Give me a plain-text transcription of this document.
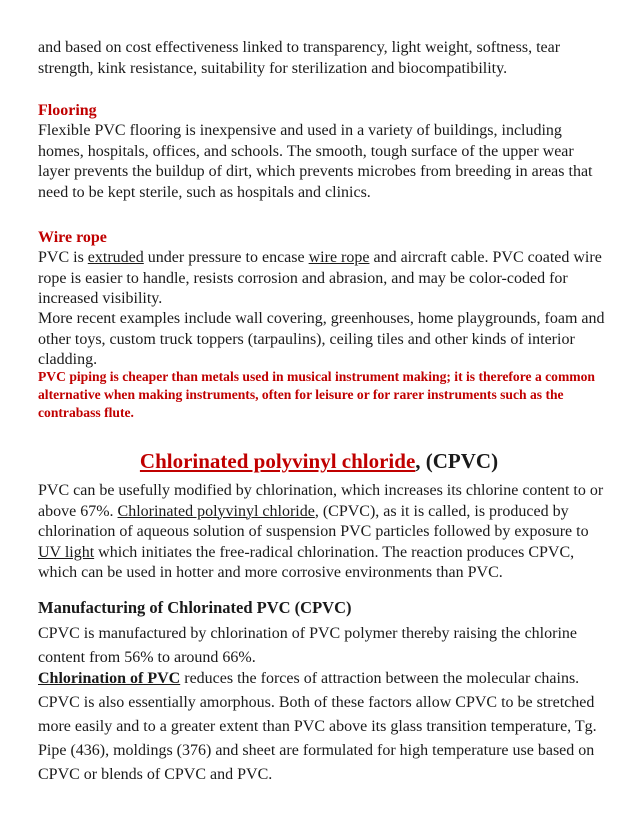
and based on cost effectiveness linked to transparency, light weight, softness, tear strength, kink resistance, suitability for sterilization and biocompatibility.

Flooring

Flexible PVC flooring is inexpensive and used in a variety of buildings, including homes, hospitals, offices, and schools. The smooth, tough surface of the upper wear layer prevents the buildup of dirt, which prevents microbes from breeding in areas that need to be kept sterile, such as hospitals and clinics.

Wire rope

PVC is extruded under pressure to encase wire rope and aircraft cable. PVC coated wire rope is easier to handle, resists corrosion and abrasion, and may be color-coded for increased visibility.

More recent examples include wall covering, greenhouses, home playgrounds, foam and other toys, custom truck toppers (tarpaulins), ceiling tiles and other kinds of interior cladding.

PVC piping is cheaper than metals used in musical instrument making; it is therefore a common alternative when making instruments, often for leisure or for rarer instruments such as the contrabass flute.

Chlorinated polyvinyl chloride, (CPVC)

PVC can be usefully modified by chlorination, which increases its chlorine content to or above 67%. Chlorinated polyvinyl chloride, (CPVC), as it is called, is produced by chlorination of aqueous solution of suspension PVC particles followed by exposure to UV light which initiates the free-radical chlorination. The reaction produces CPVC, which can be used in hotter and more corrosive environments than PVC.

Manufacturing of Chlorinated PVC (CPVC)

CPVC is manufactured by chlorination of PVC polymer thereby raising the chlorine content from 56% to around 66%.

Chlorination of PVC reduces the forces of attraction between the molecular chains. CPVC is also essentially amorphous. Both of these factors allow CPVC to be stretched more easily and to a greater extent than PVC above its glass transition temperature, Tg. Pipe (436), moldings (376) and sheet are formulated for high temperature use based on CPVC or blends of CPVC and PVC.
